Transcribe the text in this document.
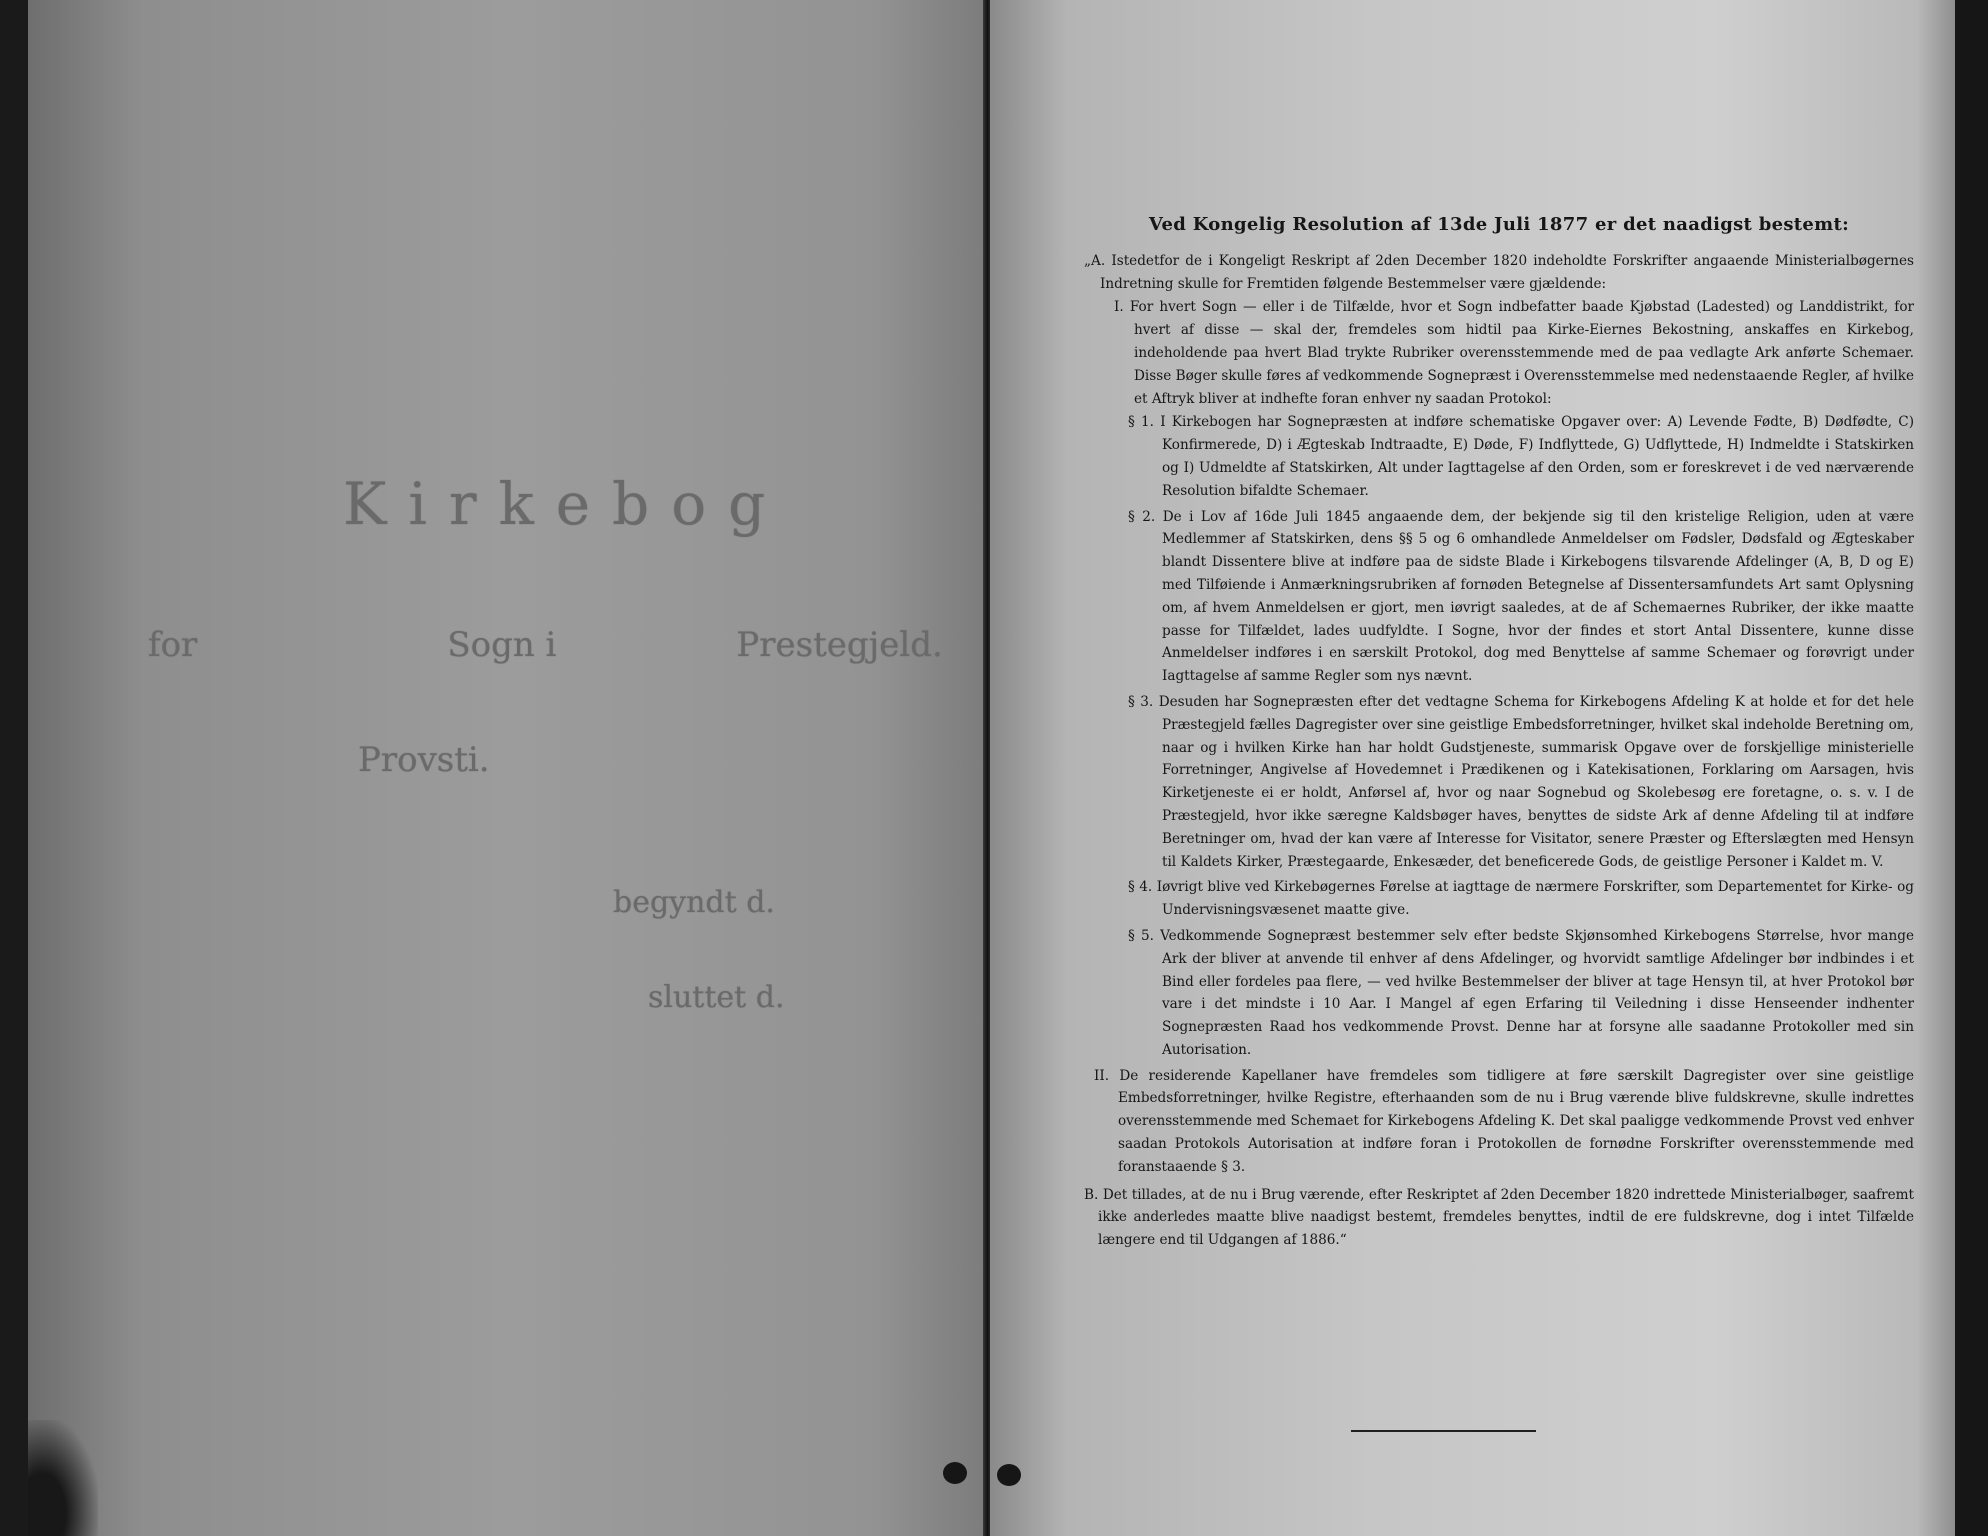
Kirkebog
for	Sogn i	Prestegjeld.
Provsti.
begyndt d.
sluttet d.

Ved Kongelig Resolution af 13de Juli 1877 er det naadigst bestemt:

„A. Istedetfor de i Kongeligt Reskript af 2den December 1820 indeholdte Forskrifter angaaende Ministerialbøgernes Indretning skulle for Fremtiden følgende Bestemmelser være gjældende:

I. For hvert Sogn — eller i de Tilfælde, hvor et Sogn indbefatter baade Kjøbstad (Ladested) og Landdistrikt, for hvert af disse — skal der, fremdeles som hidtil paa Kirke-Eiernes Bekostning, anskaffes en Kirkebog, indeholdende paa hvert Blad trykte Rubriker overensstemmende med de paa vedlagte Ark anførte Schemaer. Disse Bøger skulle føres af vedkommende Sognepræst i Overensstemmelse med nedenstaaende Regler, af hvilke et Aftryk bliver at indhefte foran enhver ny saadan Protokol:

§ 1. I Kirkebogen har Sognepræsten at indføre schematiske Opgaver over: A) Levende Fødte, B) Dødfødte, C) Konfirmerede, D) i Ægteskab Indtraadte, E) Døde, F) Indflyttede, G) Udflyttede, H) Indmeldte i Statskirken og I) Udmeldte af Statskirken, Alt under Iagttagelse af den Orden, som er foreskrevet i de ved nærværende Resolution bifaldte Schemaer.

§ 2. De i Lov af 16de Juli 1845 angaaende dem, der bekjende sig til den kristelige Religion, uden at være Medlemmer af Statskirken, dens §§ 5 og 6 omhandlede Anmeldelser om Fødsler, Dødsfald og Ægteskaber blandt Dissentere blive at indføre paa de sidste Blade i Kirkebogens tilsvarende Afdelinger (A, B, D og E) med Tilføiende i Anmærkningsrubriken af fornøden Betegnelse af Dissentersamfundets Art samt Oplysning om, af hvem Anmeldelsen er gjort, men iøvrigt saaledes, at de af Schemaernes Rubriker, der ikke maatte passe for Tilfældet, lades uudfyldte. I Sogne, hvor der findes et stort Antal Dissentere, kunne disse Anmeldelser indføres i en særskilt Protokol, dog med Benyttelse af samme Schemaer og forøvrigt under Iagttagelse af samme Regler som nys nævnt.

§ 3. Desuden har Sognepræsten efter det vedtagne Schema for Kirkebogens Afdeling K at holde et for det hele Præstegjeld fælles Dagregister over sine geistlige Embedsforretninger, hvilket skal indeholde Beretning om, naar og i hvilken Kirke han har holdt Gudstjeneste, summarisk Opgave over de forskjellige ministerielle Forretninger, Angivelse af Hovedemnet i Prædikenen og i Katekisationen, Forklaring om Aarsagen, hvis Kirketjeneste ei er holdt, Anførsel af, hvor og naar Sognebud og Skolebesøg ere foretagne, o. s. v. I de Præstegjeld, hvor ikke særegne Kaldsbøger haves, benyttes de sidste Ark af denne Afdeling til at indføre Beretninger om, hvad der kan være af Interesse for Visitator, senere Præster og Efterslægten med Hensyn til Kaldets Kirker, Præstegaarde, Enkesæder, det beneficerede Gods, de geistlige Personer i Kaldet m. V.

§ 4. Iøvrigt blive ved Kirkebøgernes Førelse at iagttage de nærmere Forskrifter, som Departementet for Kirke- og Undervisningsvæsenet maatte give.

§ 5. Vedkommende Sognepræst bestemmer selv efter bedste Skjønsomhed Kirkebogens Størrelse, hvor mange Ark der bliver at anvende til enhver af dens Afdelinger, og hvorvidt samtlige Afdelinger bør indbindes i et Bind eller fordeles paa flere, — ved hvilke Bestemmelser der bliver at tage Hensyn til, at hver Protokol bør vare i det mindste i 10 Aar. I Mangel af egen Erfaring til Veiledning i disse Henseender indhenter Sognepræsten Raad hos vedkommende Provst. Denne har at forsyne alle saadanne Protokoller med sin Autorisation.

II. De residerende Kapellaner have fremdeles som tidligere at føre særskilt Dagregister over sine geistlige Embedsforretninger, hvilke Registre, efterhaanden som de nu i Brug værende blive fuldskrevne, skulle indrettes overensstemmende med Schemaet for Kirkebogens Afdeling K. Det skal paaligge vedkommende Provst ved enhver saadan Protokols Autorisation at indføre foran i Protokollen de fornødne Forskrifter overensstemmende med foranstaaende § 3.

B. Det tillades, at de nu i Brug værende, efter Reskriptet af 2den December 1820 indrettede Ministerialbøger, saafremt ikke anderledes maatte blive naadigst bestemt, fremdeles benyttes, indtil de ere fuldskrevne, dog i intet Tilfælde længere end til Udgangen af 1886.“
